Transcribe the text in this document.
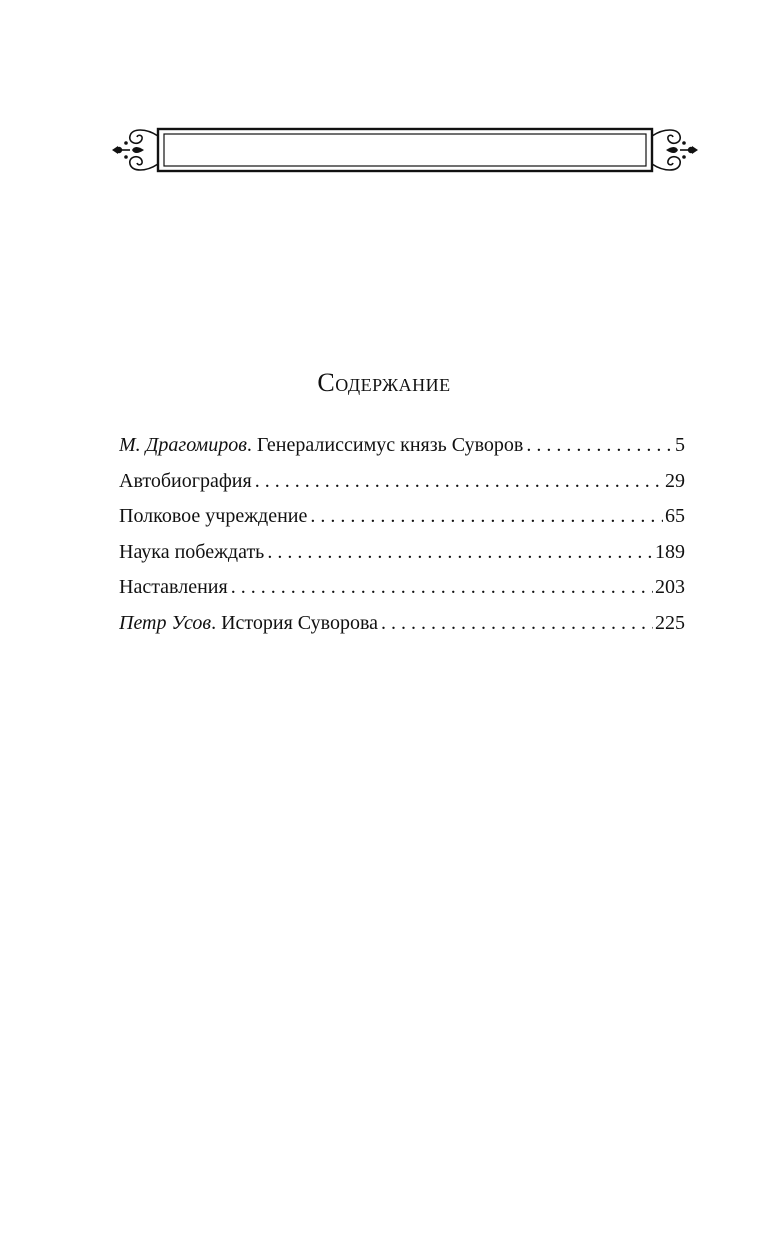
Содержание
М. Драгомиров. Генералиссимус князь Суворов . . .	5
Автобиография . . .	29
Полковое учреждение . . .	65
Наука побеждать . . .	189
Наставления . . .	203
Петр Усов. История Суворова . . .	225
